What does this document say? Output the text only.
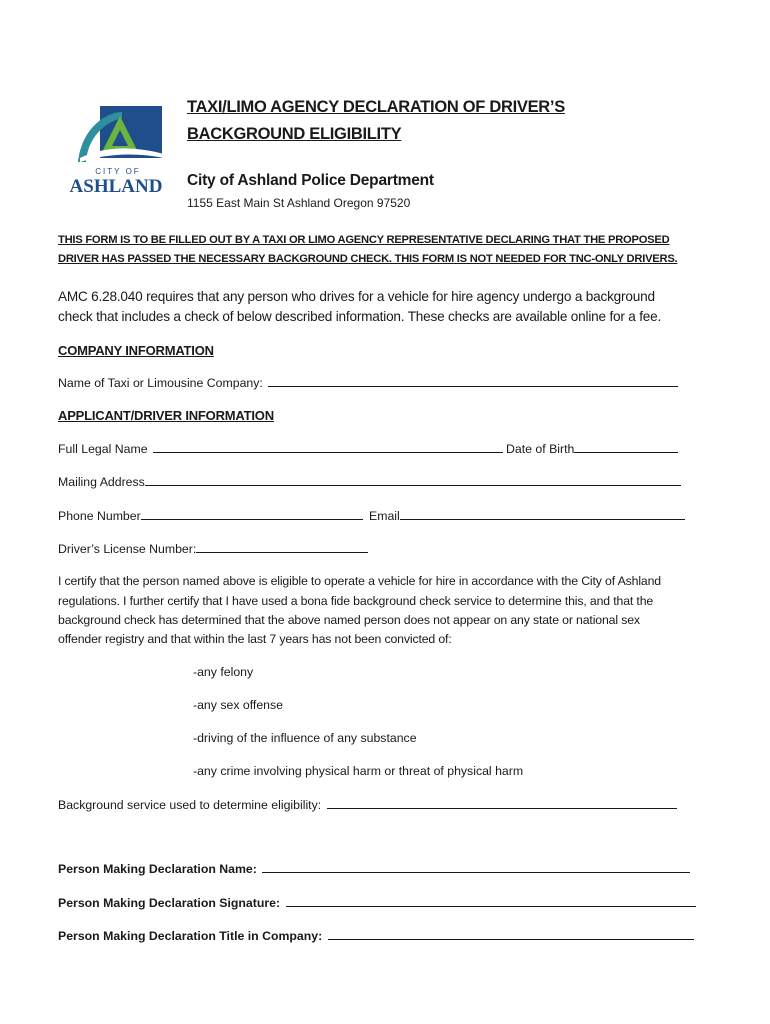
CITY OF
ASHLAND
TAXI/LIMO AGENCY DECLARATION OF DRIVER’S
BACKGROUND ELIGIBILITY
City of Ashland Police Department
1155 East Main St Ashland Oregon 97520
THIS FORM IS TO BE FILLED OUT BY A TAXI OR LIMO AGENCY REPRESENTATIVE DECLARING THAT THE PROPOSED
DRIVER HAS PASSED THE NECESSARY BACKGROUND CHECK. THIS FORM IS NOT NEEDED FOR TNC-ONLY DRIVERS.
AMC 6.28.040 requires that any person who drives for a vehicle for hire agency undergo a background
check that includes a check of below described information. These checks are available online for a fee.
COMPANY INFORMATION
Name of Taxi or Limousine Company:
APPLICANT/DRIVER INFORMATION
Full Legal Name	Date of Birth
Mailing Address
Phone Number	Email
Driver’s License Number:
I certify that the person named above is eligible to operate a vehicle for hire in accordance with the City of Ashland
regulations. I further certify that I have used a bona fide background check service to determine this, and that the
background check has determined that the above named person does not appear on any state or national sex
offender registry and that within the last 7 years has not been convicted of:
-any felony
-any sex offense
-driving of the influence of any substance
-any crime involving physical harm or threat of physical harm
Background service used to determine eligibility:
Person Making Declaration Name:
Person Making Declaration Signature:
Person Making Declaration Title in Company:
